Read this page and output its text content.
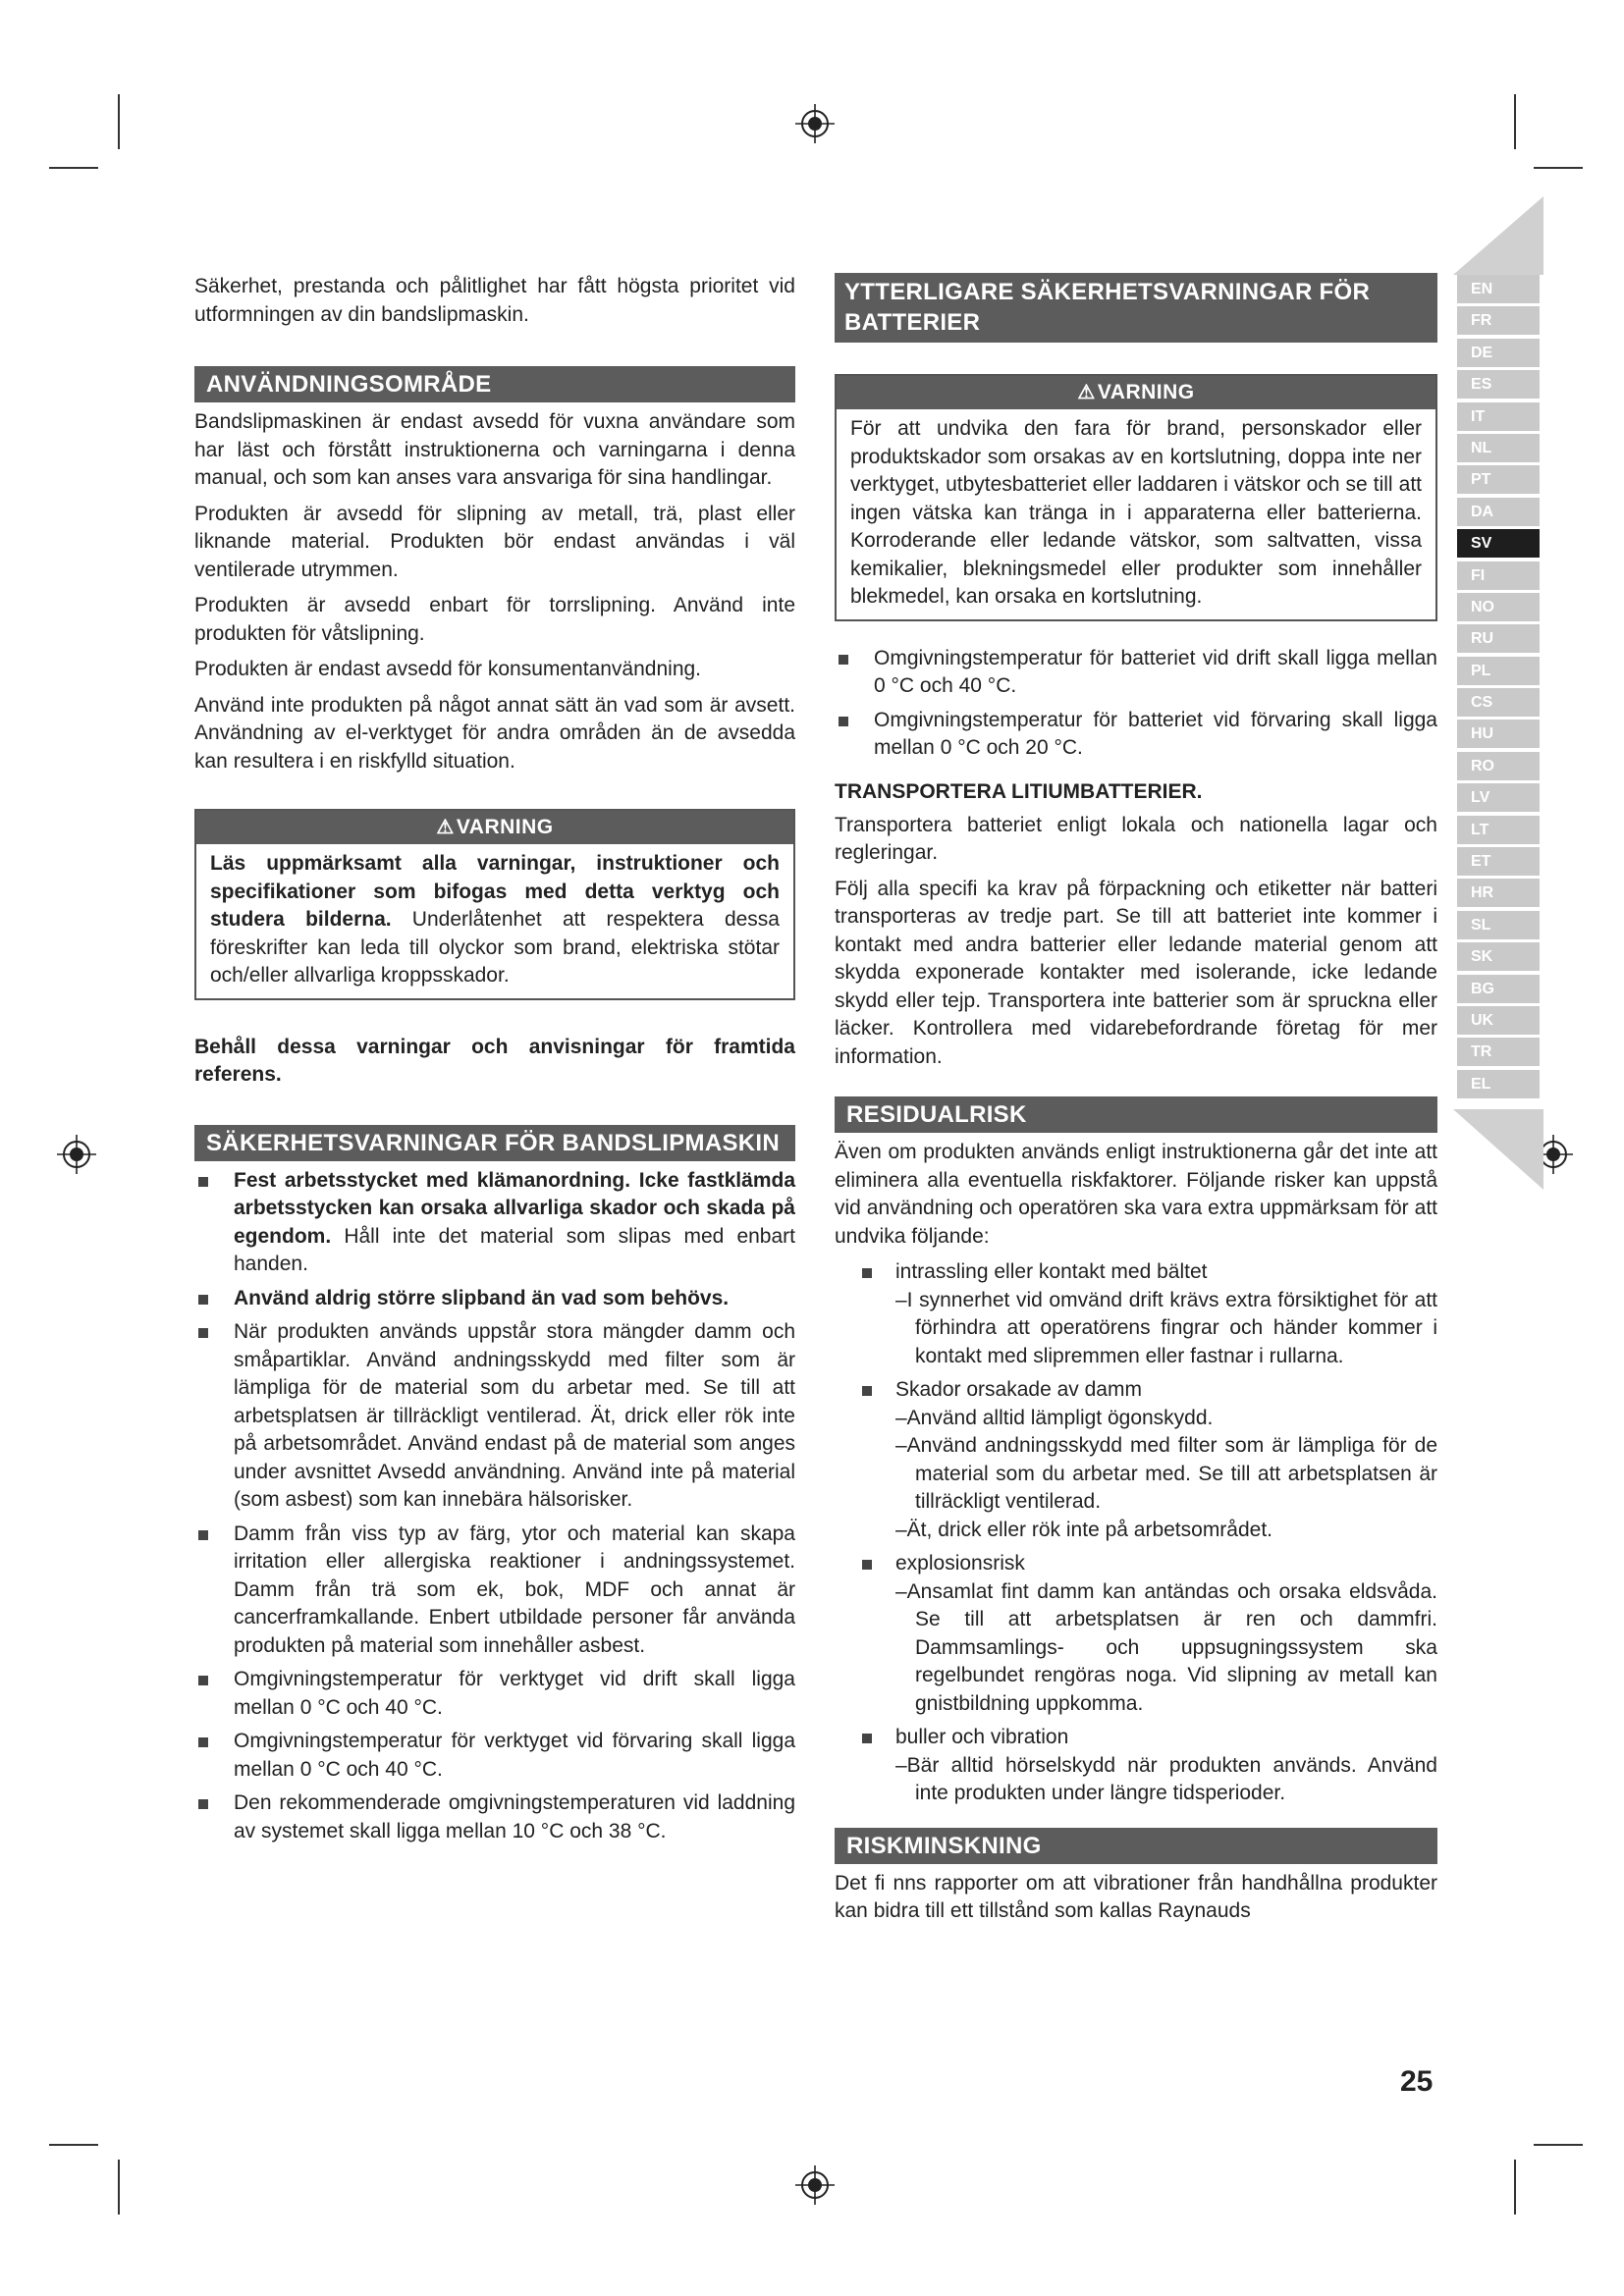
Säkerhet, prestanda och pålitlighet har fått högsta prioritet vid utformningen av din bandslipmaskin.

ANVÄNDNINGSOMRÅDE

Bandslipmaskinen är endast avsedd för vuxna användare som har läst och förstått instruktionerna och varningarna i denna manual, och som kan anses vara ansvariga för sina handlingar.

Produkten är avsedd för slipning av metall, trä, plast eller liknande material. Produkten bör endast användas i väl ventilerade utrymmen.

Produkten är avsedd enbart för torrslipning. Använd inte produkten för våtslipning.

Produkten är endast avsedd för konsumentanvändning.

Använd inte produkten på något annat sätt än vad som är avsett. Användning av el-verktyget för andra områden än de avsedda kan resultera i en riskfylld situation.

⚠VARNING

Läs uppmärksamt alla varningar, instruktioner och specifikationer som bifogas med detta verktyg och studera bilderna. Underlåtenhet att respektera dessa föreskrifter kan leda till olyckor som brand, elektriska stötar och/eller allvarliga kroppsskador.

Behåll dessa varningar och anvisningar för framtida referens.

SÄKERHETSVARNINGAR FÖR BANDSLIPMASKIN
Fest arbetsstycket med klämanordning. Icke fastklämda arbetsstycken kan orsaka allvarliga skador och skada på egendom. Håll inte det material som slipas med enbart handen.
Använd aldrig större slipband än vad som behövs.
När produkten används uppstår stora mängder damm och småpartiklar. Använd andningsskydd med filter som är lämpliga för de material som du arbetar med. Se till att arbetsplatsen är tillräckligt ventilerad. Ät, drick eller rök inte på arbetsområdet. Använd endast på de material som anges under avsnittet Avsedd användning. Använd inte på material (som asbest) som kan innebära hälsorisker.
Damm från viss typ av färg, ytor och material kan skapa irritation eller allergiska reaktioner i andningssystemet. Damm från trä som ek, bok, MDF och annat är cancerframkallande. Enbert utbildade personer får använda produkten på material som innehåller asbest.
Omgivningstemperatur för verktyget vid drift skall ligga mellan 0 °C och 40 °C.
Omgivningstemperatur för verktyget vid förvaring skall ligga mellan 0 °C och 40 °C.
Den rekommenderade omgivningstemperaturen vid laddning av systemet skall ligga mellan 10 °C och 38 °C.
YTTERLIGARE SÄKERHETSVARNINGAR FÖR BATTERIER
⚠VARNING

För att undvika den fara för brand, personskador eller produktskador som orsakas av en kortslutning, doppa inte ner verktyget, utbytesbatteriet eller laddaren i vätskor och se till att ingen vätska kan tränga in i apparaterna eller batterierna. Korroderande eller ledande vätskor, som saltvatten, vissa kemikalier, blekningsmedel eller produkter som innehåller blekmedel, kan orsaka en kortslutning.

Omgivningstemperatur för batteriet vid drift skall ligga mellan 0 °C och 40 °C.
Omgivningstemperatur för batteriet vid förvaring skall ligga mellan 0 °C och 20 °C.
TRANSPORTERA LITIUMBATTERIER.

Transportera batteriet enligt lokala och nationella lagar och regleringar.

Följ alla specifi ka krav på förpackning och etiketter när batteri transporteras av tredje part. Se till att batteriet inte kommer i kontakt med andra batterier eller ledande material genom att skydda exponerade kontakter med isolerande, icke ledande skydd eller tejp. Transportera inte batterier som är spruckna eller läcker. Kontrollera med vidarebefordrande företag för mer information.

RESIDUALRISK

Även om produkten används enligt instruktionerna går det inte att eliminera alla eventuella riskfaktorer. Följande risker kan uppstå vid användning och operatören ska vara extra uppmärksam för att undvika följande:

intrassling eller kontakt med bältet
–I synnerhet vid omvänd drift krävs extra försiktighet för att förhindra att operatörens fingrar och händer kommer i kontakt med slipremmen eller fastnar i rullarna.
Skador orsakade av damm
–Använd alltid lämpligt ögonskydd.
–Använd andningsskydd med filter som är lämpliga för de material som du arbetar med. Se till att arbetsplatsen är tillräckligt ventilerad.
–Ät, drick eller rök inte på arbetsområdet.
explosionsrisk
–Ansamlat fint damm kan antändas och orsaka eldsvåda. Se till att arbetsplatsen är ren och dammfri. Dammsamlings- och uppsugningssystem ska regelbundet rengöras noga. Vid slipning av metall kan gnistbildning uppkomma.
buller och vibration
–Bär alltid hörselskydd när produkten används. Använd inte produkten under längre tidsperioder.
RISKMINSKNING

Det fi nns rapporter om att vibrationer från handhållna produkter kan bidra till ett tillstånd som kallas Raynauds

EN
FR
DE
ES
IT
NL
PT
DA
SV
FI
NO
RU
PL
CS
HU
RO
LV
LT
ET
HR
SL
SK
BG
UK
TR
EL
25
